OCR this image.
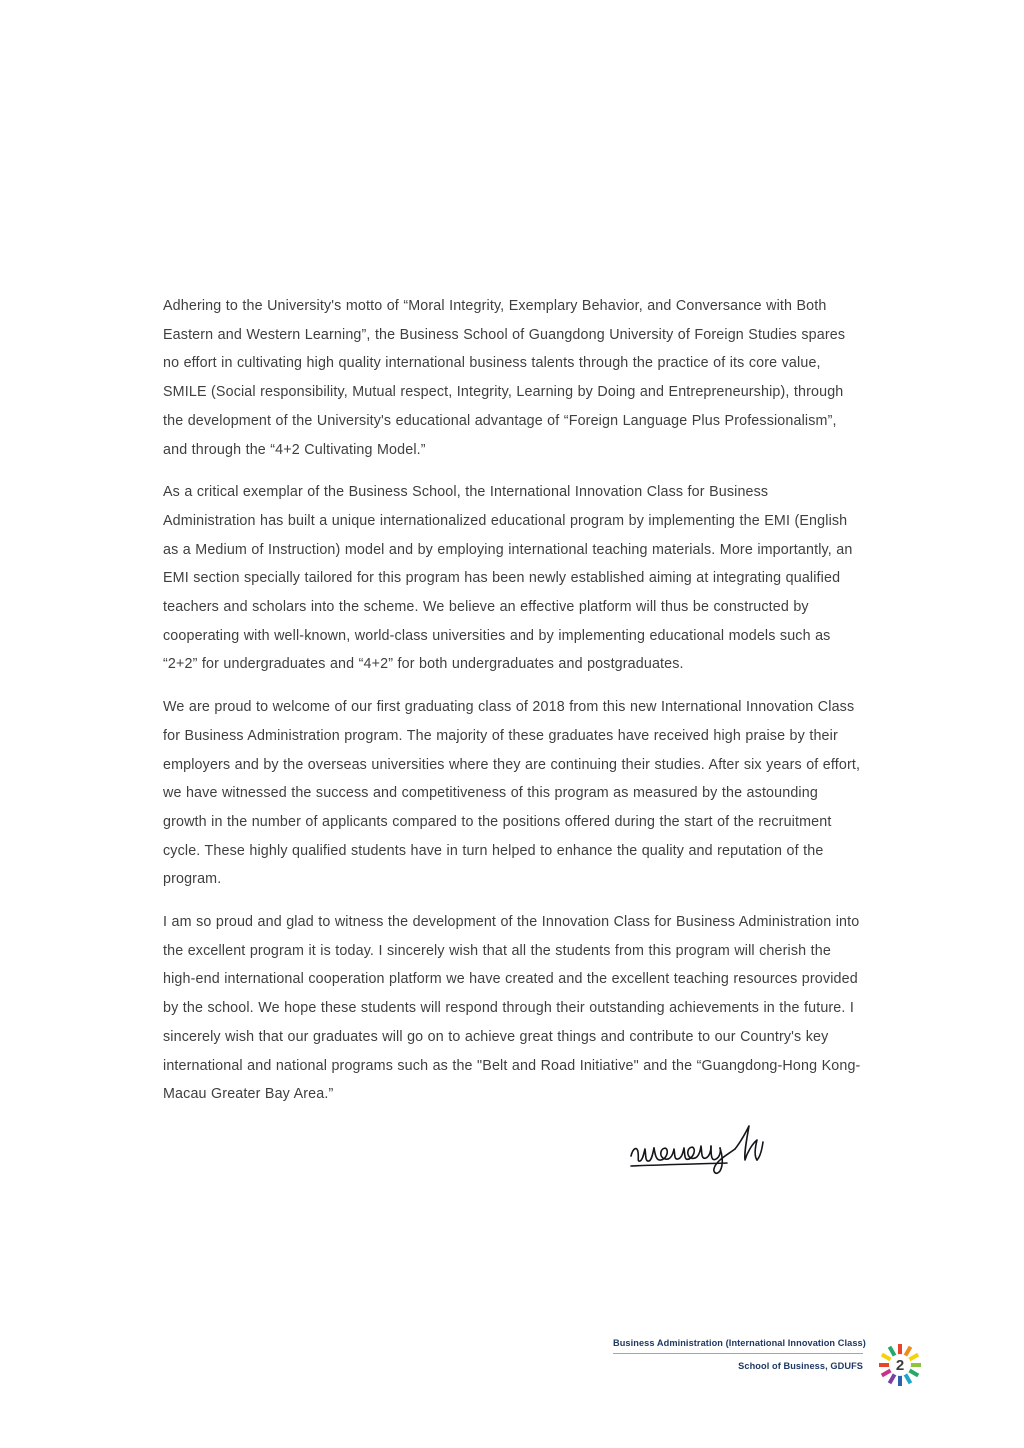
Adhering to the University's motto of “Moral Integrity, Exemplary Behavior, and Conversance with Both Eastern and Western Learning”, the Business School of Guangdong University of Foreign Studies spares no effort in cultivating high quality international business talents through the practice of its core value, SMILE (Social responsibility, Mutual respect, Integrity, Learning by Doing and Entrepreneurship), through the development of the University's educational advantage of “Foreign Language Plus Professionalism”, and through the “4+2 Cultivating Model.”

As a critical exemplar of the Business School, the International Innovation Class for Business Administration has built a unique internationalized educational program by implementing the EMI (English as a Medium of Instruction) model and by employing international teaching materials. More importantly, an EMI section specially tailored for this program has been newly established aiming at integrating qualified teachers and scholars into the scheme. We believe an effective platform will thus be constructed by cooperating with well-known, world-class universities and by implementing educational models such as “2+2” for undergraduates and “4+2” for both undergraduates and postgraduates.

We are proud to welcome of our first graduating class of 2018 from this new International Innovation Class for Business Administration program. The majority of these graduates have received high praise by their employers and by the overseas universities where they are continuing their studies. After six years of effort, we have witnessed the success and competitiveness of this program as measured by the astounding growth in the number of applicants compared to the positions offered during the start of the recruitment cycle. These highly qualified students have in turn helped to enhance the quality and reputation of the program.

I am so proud and glad to witness the development of the Innovation Class for Business Administration into the excellent program it is today. I sincerely wish that all the students from this program will cherish the high-end international cooperation platform we have created and the excellent teaching resources provided by the school. We hope these students will respond through their outstanding achievements in the future. I sincerely wish that our graduates will go on to achieve great things and contribute to our Country's key international and national programs such as the "Belt and Road Initiative" and the “Guangdong-Hong Kong-Macau Greater Bay Area.”

Business Administration (International Innovation Class)
School of Business, GDUFS	2
